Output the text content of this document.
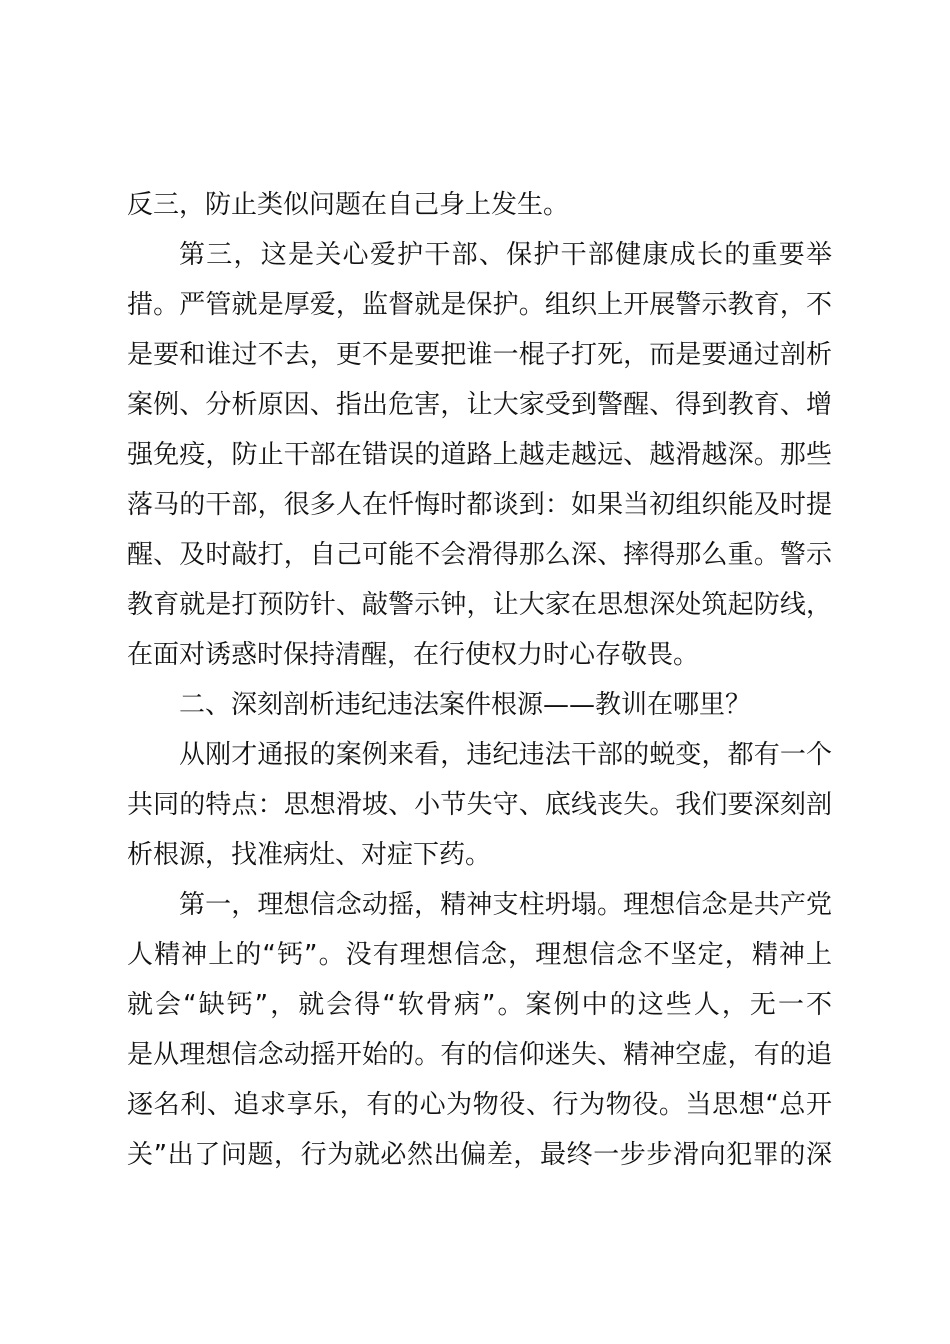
反三，防止类似问题在自己身上发生。
第三，这是关心爱护干部、保护干部健康成长的重要举
措。严管就是厚爱，监督就是保护。组织上开展警示教育，不
是要和谁过不去，更不是要把谁一棍子打死，而是要通过剖析
案例、分析原因、指出危害，让大家受到警醒、得到教育、增
强免疫，防止干部在错误的道路上越走越远、越滑越深。那些
落马的干部，很多人在忏悔时都谈到：如果当初组织能及时提
醒、及时敲打，自己可能不会滑得那么深、摔得那么重。警示
教育就是打预防针、敲警示钟，让大家在思想深处筑起防线，
在面对诱惑时保持清醒，在行使权力时心存敬畏。
二、深刻剖析违纪违法案件根源——教训在哪里？
从刚才通报的案例来看，违纪违法干部的蜕变，都有一个
共同的特点：思想滑坡、小节失守、底线丧失。我们要深刻剖
析根源，找准病灶、对症下药。
第一，理想信念动摇，精神支柱坍塌。理想信念是共产党
人精神上的“钙”。没有理想信念，理想信念不坚定，精神上
就会“缺钙”，就会得“软骨病”。案例中的这些人，无一不
是从理想信念动摇开始的。有的信仰迷失、精神空虚，有的追
逐名利、追求享乐，有的心为物役、行为物役。当思想“总开
关”出了问题，行为就必然出偏差，最终一步步滑向犯罪的深
